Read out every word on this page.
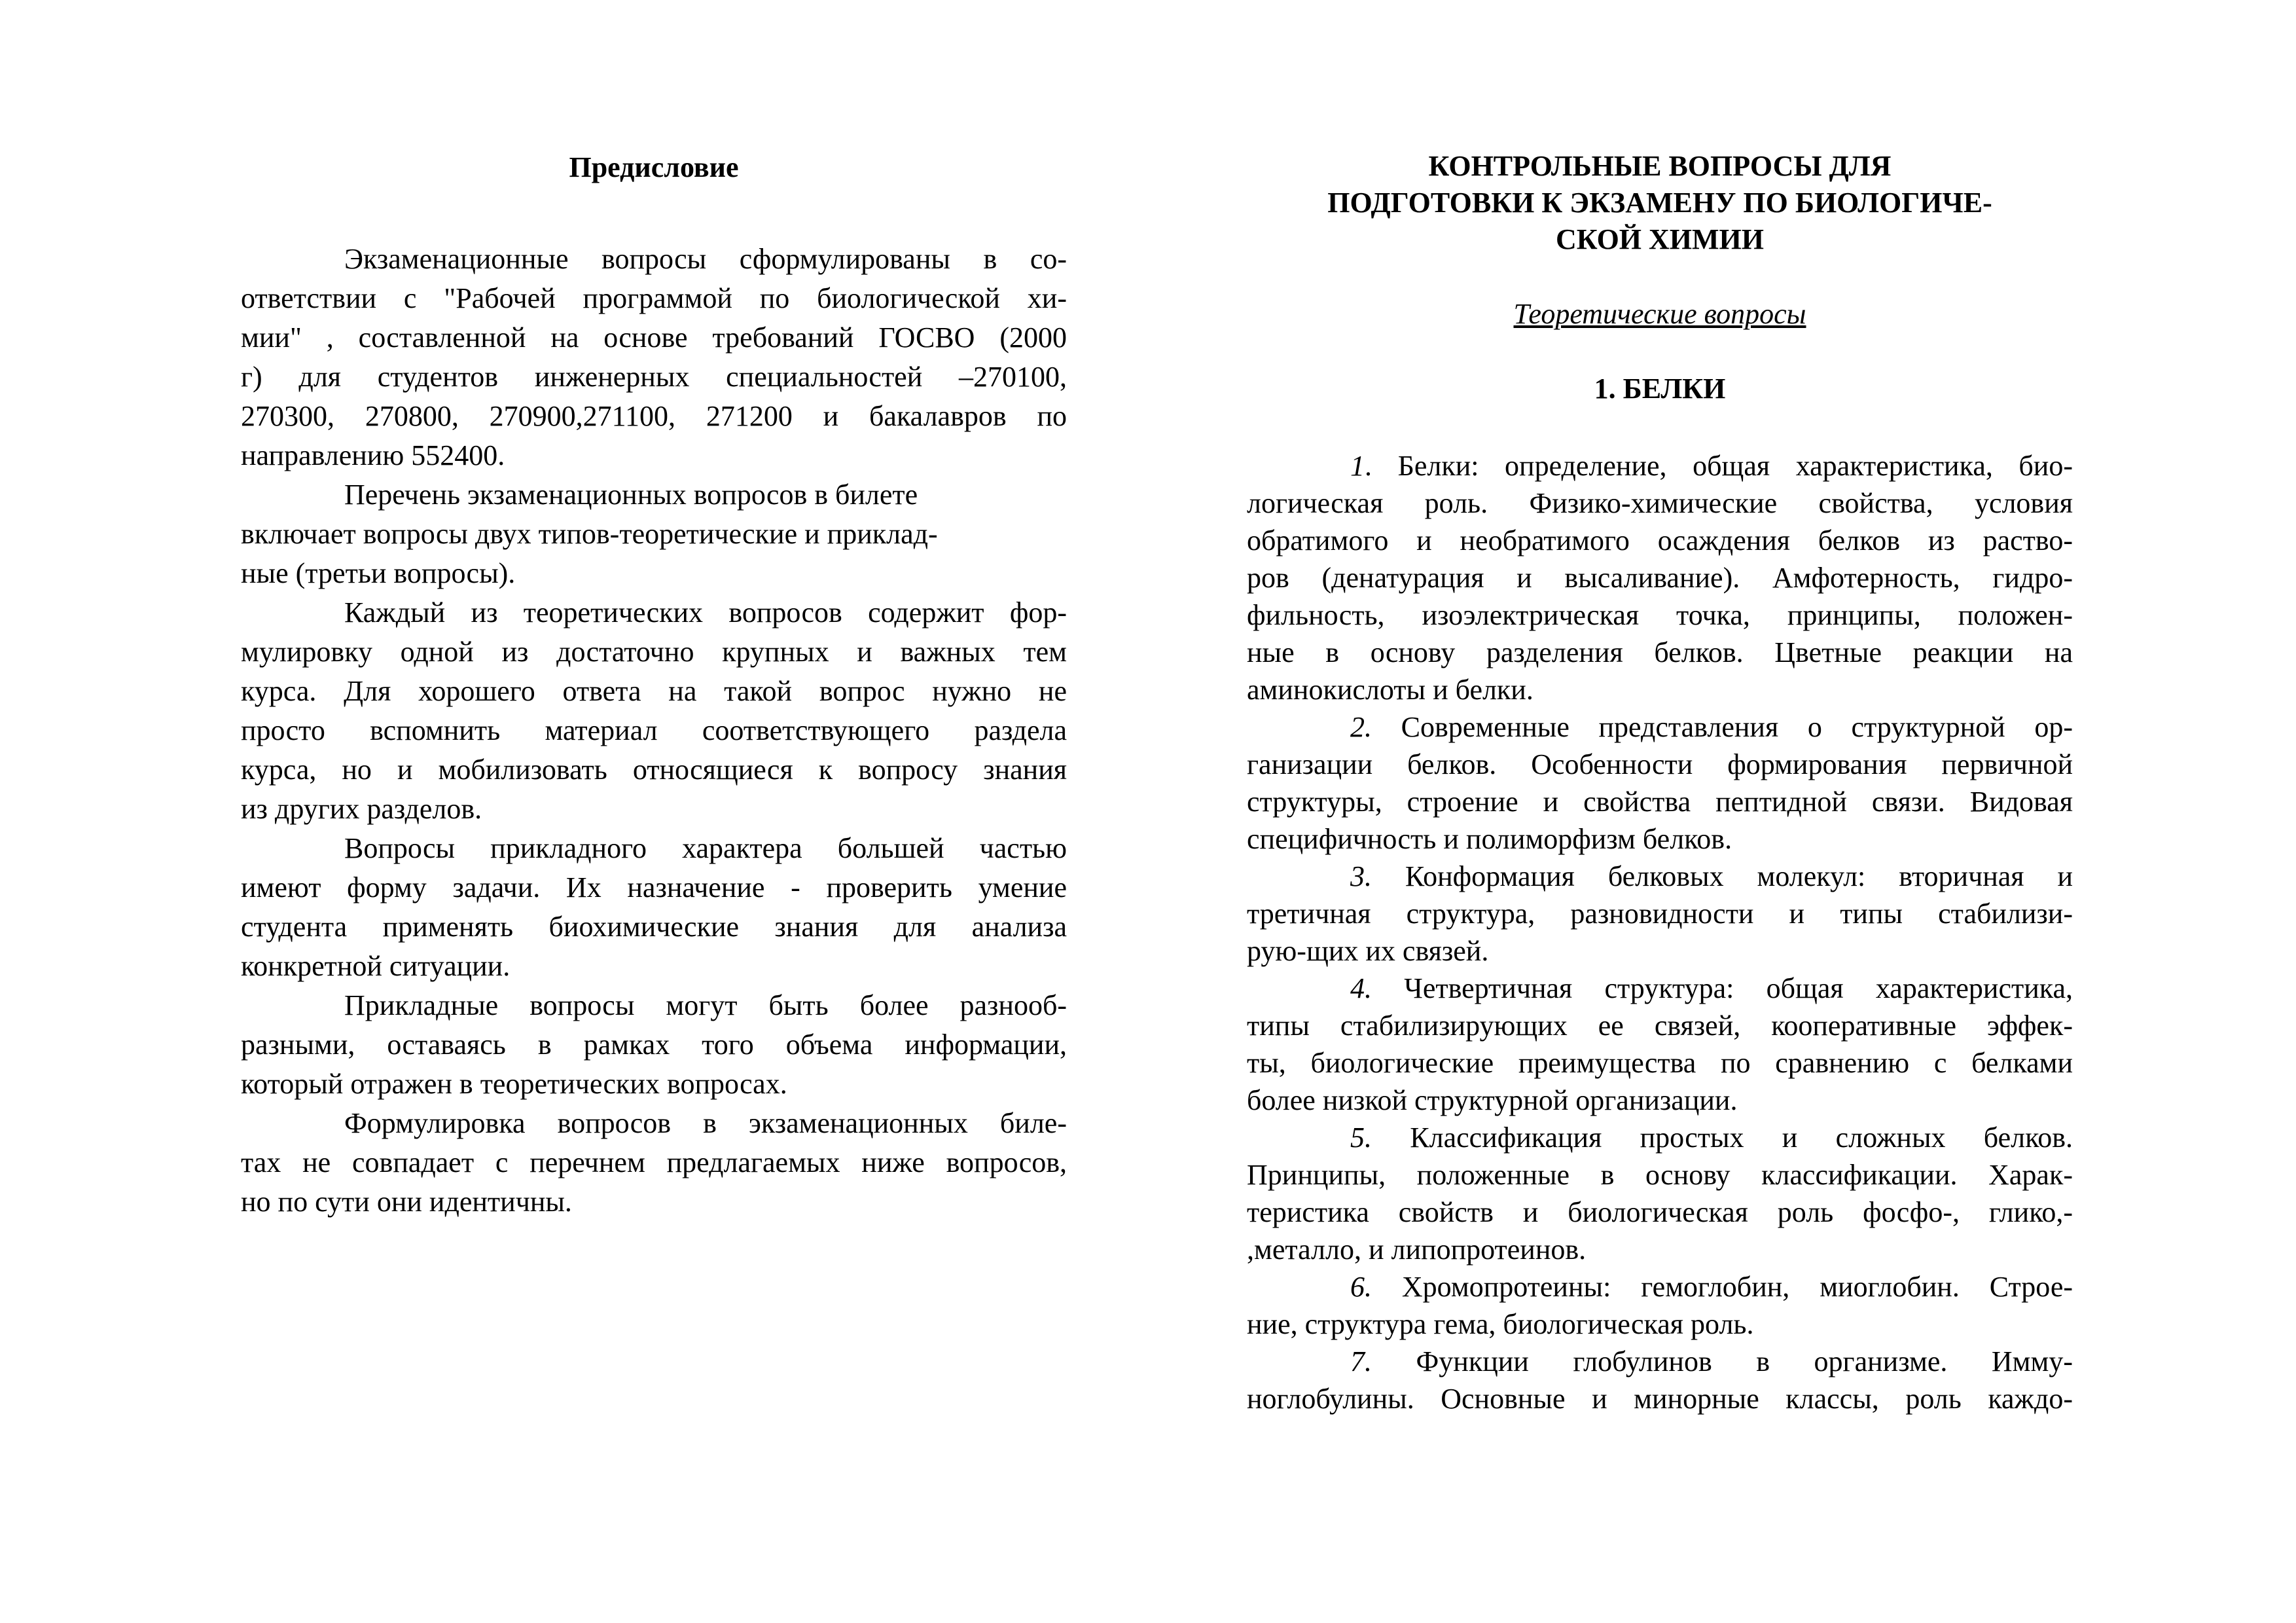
Предисловие
Экзаменационные вопросы сформулированы в со-
ответствии с "Рабочей программой по биологической хи-
мии" , составленной на основе требований ГОСВО (2000
г) для студентов инженерных специальностей –270100,
270300, 270800, 270900,271100, 271200 и бакалавров по
направлению 552400.
Перечень экзаменационных вопросов в билете
включает вопросы двух типов-теоретические и приклад-
ные (третьи вопросы).
Каждый из теоретических вопросов содержит фор-
мулировку одной из достаточно крупных и важных тем
курса. Для хорошего ответа на такой вопрос нужно не
просто вспомнить материал соответствующего раздела
курса, но и мобилизовать относящиеся к вопросу знания
из других разделов.
Вопросы прикладного характера большей частью
имеют форму задачи. Их назначение - проверить умение
студента применять биохимические знания для анализа
конкретной ситуации.
Прикладные вопросы могут быть более разнооб-
разными, оставаясь в рамках того объема информации,
который отражен в теоретических вопросах.
Формулировка вопросов в экзаменационных биле-
тах не совпадает с перечнем предлагаемых ниже вопросов,
но по сути они идентичны.
КОНТРОЛЬНЫЕ ВОПРОСЫ ДЛЯ
ПОДГОТОВКИ К ЭКЗАМЕНУ ПО БИОЛОГИЧЕ-
СКОЙ ХИМИИ
Теоретические вопросы
1. БЕЛКИ
1. Белки: определение, общая характеристика, био-
логическая роль. Физико-химические свойства, условия
обратимого и необратимого осаждения белков из раство-
ров (денатурация и высаливание). Амфотерность, гидро-
фильность, изоэлектрическая точка, принципы, положен-
ные в основу разделения белков. Цветные реакции на
аминокислоты и белки.
2. Современные представления о структурной ор-
ганизации белков. Особенности формирования первичной
структуры, строение и свойства пептидной связи. Видовая
специфичность и полиморфизм белков.
3. Конформация белковых молекул: вторичная и
третичная структура, разновидности и типы стабилизи-
рую-щих их связей.
4. Четвертичная структура: общая характеристика,
типы стабилизирующих ее связей, кооперативные эффек-
ты, биологические преимущества по сравнению с белками
более низкой структурной организации.
5. Классификация простых и сложных белков.
Принципы, положенные в основу классификации. Харак-
теристика свойств и биологическая роль фосфо-, глико,-
,металло, и липопротеинов.
6. Хромопротеины: гемоглобин, миоглобин. Строе-
ние, структура гема, биологическая роль.
7. Функции глобулинов в организме. Имму-
ноглобулины. Основные и минорные классы, роль каждо-
